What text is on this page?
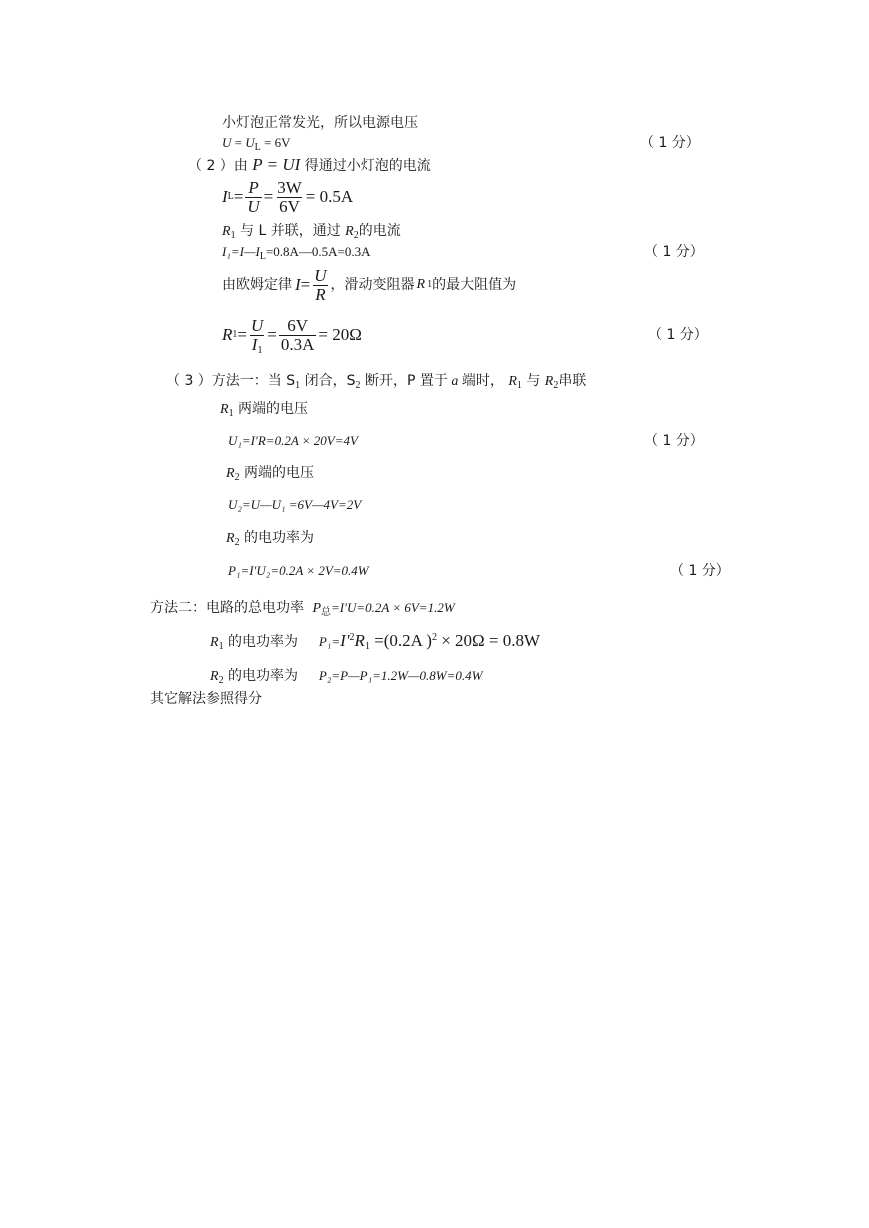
小灯泡正常发光，所以电源电压
$U = U_L = 6V$	（ 1 分）
（ 2 ）由 P = UI 得通过小灯泡的电流
I $L = \frac{P}{U} = \frac{3W}{6V} = 0.5A$
$R_1$ 与 L 并联，通过 $R_2$的电流
$I_1=I—I_L=0.8A—0.5A=0.3A$	（ 1 分）
由欧姆定律 $I = \frac{U}{R}$ ，滑动变阻器 R 1 的最大阻值为
R $1 = \frac{U}{I_1} = \frac{6V}{0.3A} = 20\Omega$	（ 1 分）
（ 3 ）方法一：当 $S_1$ 闭合，$S_2$ 断开，P 置于 a 端时， $R_1$ 与 $R_2$串联
$R_1$ 两端的电压
U₁=I′R=0.2A × 20V=4V	（ 1 分）
$R_2$ 两端的电压
U₂=U—U₁ =6V—4V=2V
$R_2$ 的电功率为
P₁=I′U₂=0.2A × 2V=0.4W	（ 1 分）
方法二：电路的总电功率 $P_总=I'U=0.2A \times 6V=1.2W$
$R_1$ 的电功率为 $P_1=I'^2R_1 =(0.2A$ )$^2$ × 20Ω = 0.8W
$R_2$ 的电功率为 P₂=P—P₁=1.2W—0.8W=0.4W
其它解法参照得分
